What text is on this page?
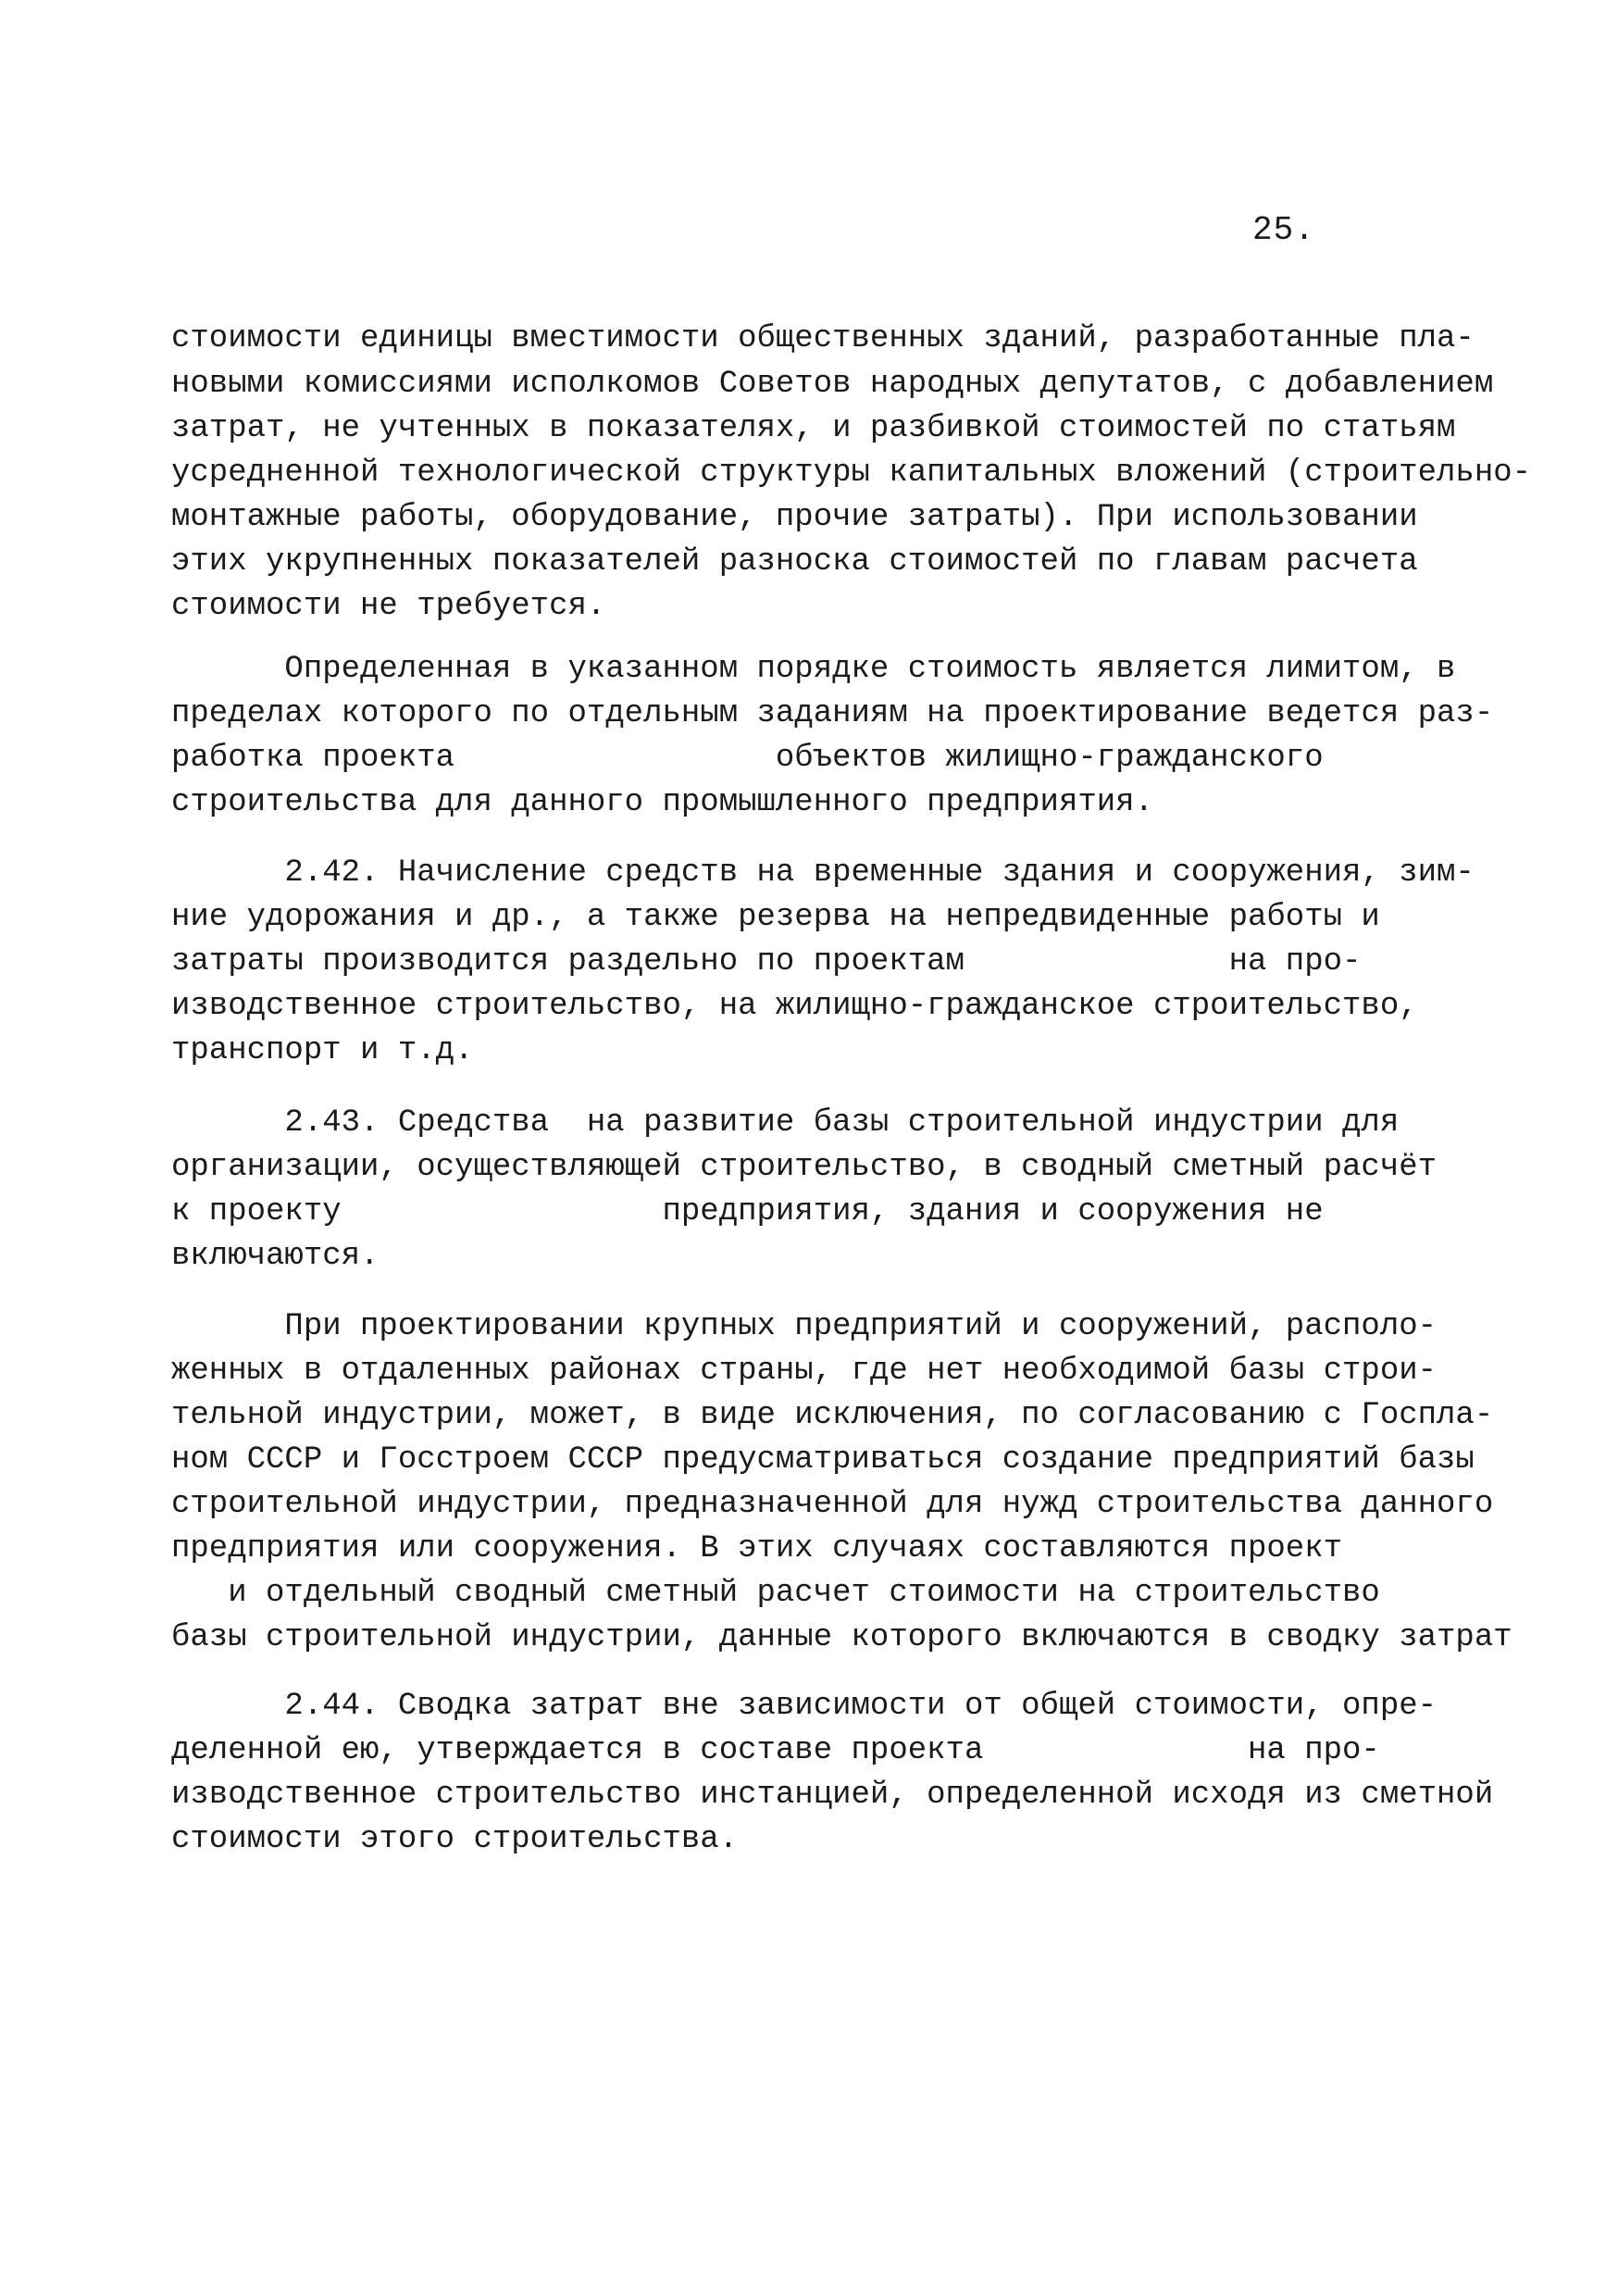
25.
стоимости единицы вместимости общественных зданий, разработанные пла-
новыми комиссиями исполкомов Советов народных депутатов, с добавлением
затрат, не учтенных в показателях, и разбивкой стоимостей по статьям
усредненной технологической структуры капитальных вложений (строительно-
монтажные работы, оборудование, прочие затраты). При использовании
этих укрупненных показателей разноска стоимостей по главам расчета
стоимости не требуется.
Определенная в указанном порядке стоимость является лимитом, в
пределах которого по отдельным заданиям на проектирование ведется раз-
работка проекта                 объектов жилищно-гражданского
строительства для данного промышленного предприятия.
2.42. Начисление средств на временные здания и сооружения, зим-
ние удорожания и др., а также резерва на непредвиденные работы и
затраты производится раздельно по проектам              на про-
изводственное строительство, на жилищно-гражданское строительство,
транспорт и т.д.
2.43. Средства  на развитие базы строительной индустрии для
организации, осуществляющей строительство, в сводный сметный расчёт
к проекту                 предприятия, здания и сооружения не
включаются.
При проектировании крупных предприятий и сооружений, располо-
женных в отдаленных районах страны, где нет необходимой базы строи-
тельной индустрии, может, в виде исключения, по согласованию с Госпла-
ном СССР и Госстроем СССР предусматриваться создание предприятий базы
строительной индустрии, предназначенной для нужд строительства данного
предприятия или сооружения. В этих случаях составляются проект
и отдельный сводный сметный расчет стоимости на строительство
базы строительной индустрии, данные которого включаются в сводку затрат
2.44. Сводка затрат вне зависимости от общей стоимости, опре-
деленной ею, утверждается в составе проекта              на про-
изводственное строительство инстанцией, определенной исходя из сметной
стоимости этого строительства.
